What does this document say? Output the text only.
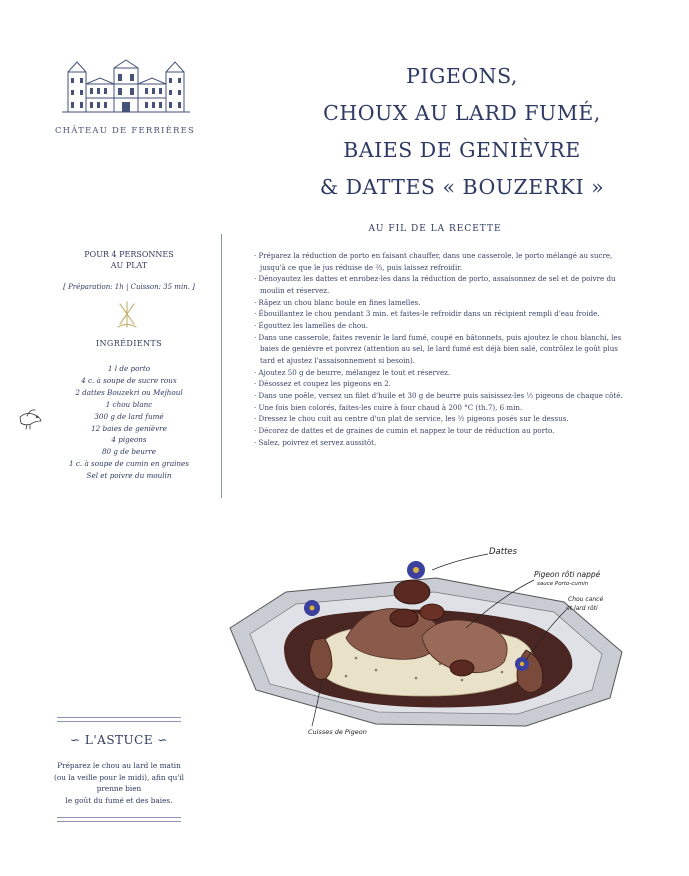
CHÂTEAU DE FERRIÈRES
PIGEONS,
CHOUX AU LARD FUMÉ,
BAIES DE GENIÈVRE
& DATTES « BOUZERKI »
AU FIL DE LA RECETTE
POUR 4 PERSONNES
AU PLAT
[ Préparation: 1h | Cuisson: 35 min. ]
INGRÉDIENTS
1 l de porto
4 c. à soupe de sucre roux
2 dattes Bouzekri ou Mejhoul
1 chou blanc
300 g de lard fumé
12 baies de genièvre
4 pigeons
80 g de beurre
1 c. à soupe de cumin en graines
Sel et poivre du moulin
· Préparez la réduction de porto en faisant chauffer, dans une casserole, le porto mélangé au sucre, jusqu'à ce que le jus réduise de ⅔, puis laissez refroidir.
· Dénoyautez les dattes et enrobez-les dans la réduction de porto, assaisonnez de sel et de poivre du moulin et réservez.
· Râpez un chou blanc boule en fines lamelles.
· Ébouillantez le chou pendant 3 min. et faites-le refroidir dans un récipient rempli d'eau froide.
· Égouttez les lamelles de chou.
· Dans une casserole, faites revenir le lard fumé, coupé en bâtonnets, puis ajoutez le chou blanchi, les baies de genièvre et poivrez (attention au sel, le lard fumé est déjà bien salé, contrôlez le goût plus tard et ajustez l'assaisonnement si besoin).
· Ajoutez 50 g de beurre, mélangez le tout et réservez.
· Désossez et coupez les pigeons en 2.
· Dans une poêle, versez un filet d'huile et 30 g de beurre puis saisissez-les ½ pigeons de chaque côté.
· Une fois bien colorés, faites-les cuire à four chaud à 200 °C (th.7), 6 min.
· Dressez le chou cuit au centre d'un plat de service, les ½ pigeons posés sur le dessus.
· Décorez de dattes et de graines de cumin et nappez le tour de réduction au porto.
· Salez, poivrez et servez aussitôt.
Dattes
Pigeon rôti nappé
sauce Porto-cumin
Chou cancé
et lard rôti
Cuisses de Pigeon
∽ L'ASTUCE ∽
Préparez le chou au lard le matin
(ou la veille pour le midi), afin qu'il
prenne bien
le goût du fumé et des baies.
